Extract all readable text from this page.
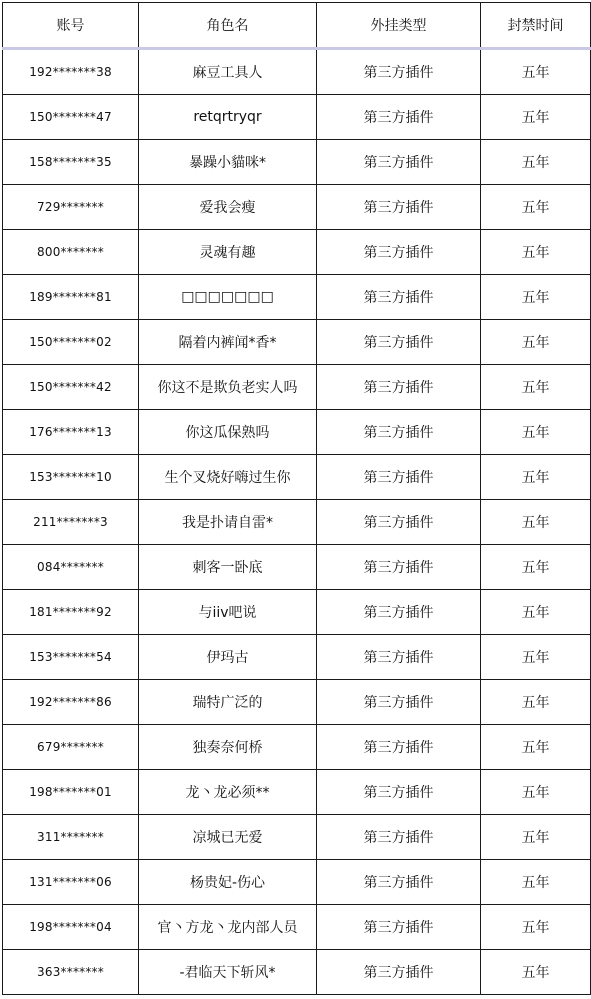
账号	角色名	外挂类型	封禁时间
192*******38	麻豆工具人	第三方插件	五年
150*******47	retqrtryqr	第三方插件	五年
158*******35	暴躁小貓咪*	第三方插件	五年
729*******	爱我会瘦	第三方插件	五年
800*******	灵魂有趣	第三方插件	五年
189*******81	□□□□□□□	第三方插件	五年
150*******02	隔着内裤闻*香*	第三方插件	五年
150*******42	你这不是欺负老实人吗	第三方插件	五年
176*******13	你这瓜保熟吗	第三方插件	五年
153*******10	生个叉烧好嗨过生你	第三方插件	五年
211*******3	我是扑请自雷*	第三方插件	五年
084*******	刺客一卧底	第三方插件	五年
181*******92	与iiv吧说	第三方插件	五年
153*******54	伊玛古	第三方插件	五年
192*******86	瑞特广泛的	第三方插件	五年
679*******	独奏奈何桥	第三方插件	五年
198*******01	龙丶龙必须**	第三方插件	五年
311*******	凉城已无爱	第三方插件	五年
131*******06	杨贵妃-伤心	第三方插件	五年
198*******04	官丶方龙丶龙内部人员	第三方插件	五年
363*******	-君临天下斩风*	第三方插件	五年
